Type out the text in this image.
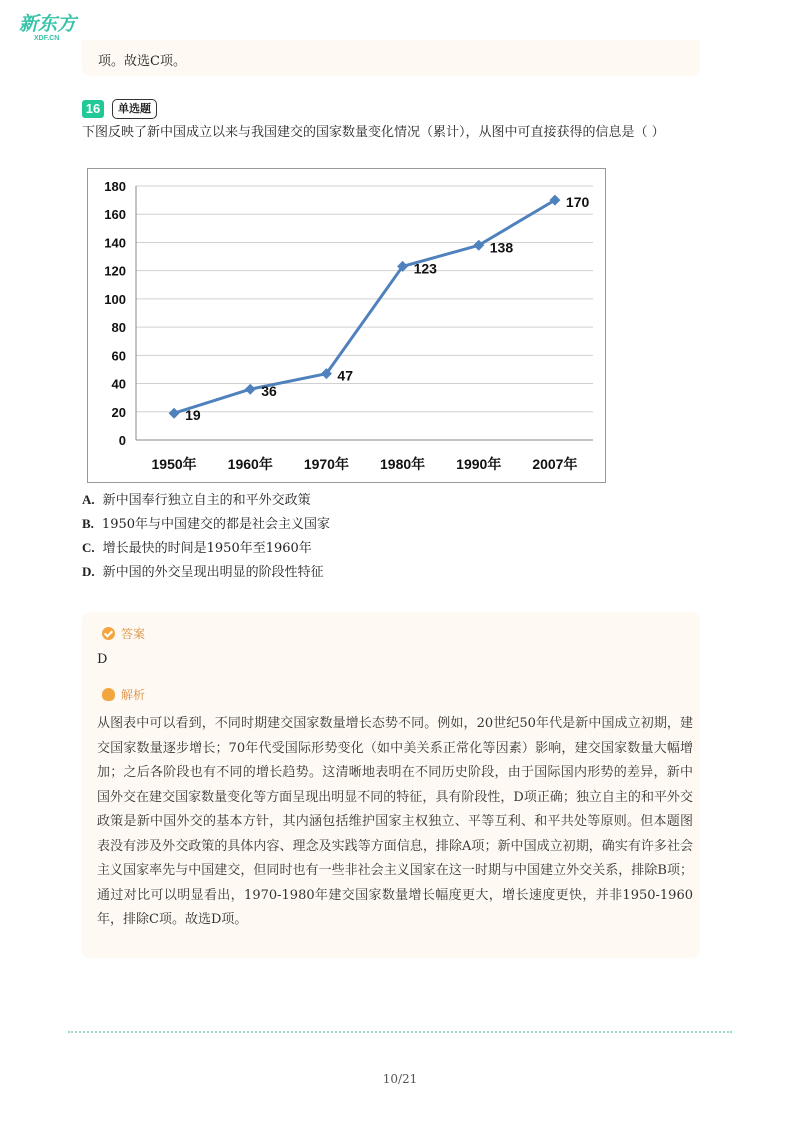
新东方
XDF.CN
项。故选C项。
16	单选题
下图反映了新中国成立以来与我国建交的国家数量变化情况（累计），从图中可直接获得的信息是（ ）
0
20
40
60
80
100
120
140
160
180
1950年 1960年 1970年 1980年 1990年 2007年
19
36
47
123
138
170
A. 新中国奉行独立自主的和平外交政策
B. 1950年与中国建交的都是社会主义国家
C. 增长最快的时间是1950年至1960年
D. 新中国的外交呈现出明显的阶段性特征
答案
D
解析
从图表中可以看到，不同时期建交国家数量增长态势不同。例如，20世纪50年代是新中国成立初期，建交国家数量逐步增长；70年代受国际形势变化（如中美关系正常化等因素）影响，建交国家数量大幅增加；之后各阶段也有不同的增长趋势。这清晰地表明在不同历史阶段，由于国际国内形势的差异，新中国外交在建交国家数量变化等方面呈现出明显不同的特征，具有阶段性，D项正确；独立自主的和平外交政策是新中国外交的基本方针，其内涵包括维护国家主权独立、平等互利、和平共处等原则。但本题图表没有涉及外交政策的具体内容、理念及实践等方面信息，排除A项；新中国成立初期，确实有许多社会主义国家率先与中国建交，但同时也有一些非社会主义国家在这一时期与中国建立外交关系，排除B项；通过对比可以明显看出，1970-1980年建交国家数量增长幅度更大，增长速度更快，并非1950-1960年，排除C项。故选D项。
10/21
